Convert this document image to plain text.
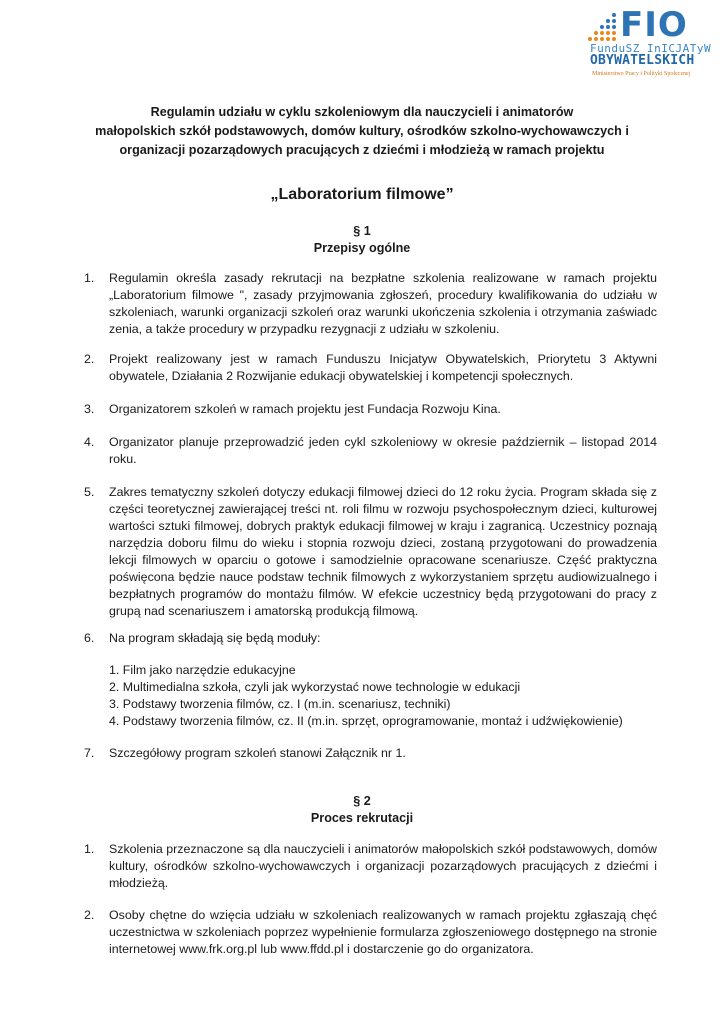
FIO
FunduSZ InICJATyW
OBYWATELSKICH
Ministerstwo Pracy i Polityki Społecznej
Regulamin udziału w cyklu szkoleniowym dla nauczycieli i animatorów
małopolskich szkół podstawowych, domów kultury, ośrodków szkolno-wychowawczych i
organizacji pozarządowych pracujących z dziećmi i młodzieżą w ramach projektu
„Laboratorium filmowe”
§ 1
Przepisy ogólne
1. Regulamin określa zasady rekrutacji na bezpłatne szkolenia realizowane w ramach projektu „Laboratorium filmowe ", zasady przyjmowania zgłoszeń, procedury kwalifikowania do udziału w szkoleniach, warunki organizacji szkoleń oraz warunki ukończenia szkolenia i otrzymania zaświadc zenia, a także procedury w przypadku rezygnacji z udziału w szkoleniu.
2. Projekt realizowany jest w ramach Funduszu Inicjatyw Obywatelskich, Priorytetu 3 Aktywni obywatele, Działania 2 Rozwijanie edukacji obywatelskiej i kompetencji społecznych.
3. Organizatorem szkoleń w ramach projektu jest Fundacja Rozwoju Kina.
4. Organizator planuje przeprowadzić jeden cykl szkoleniowy w okresie październik – listopad 2014 roku.
5. Zakres tematyczny szkoleń dotyczy edukacji filmowej dzieci do 12 roku życia. Program składa się z części teoretycznej zawierającej treści nt. roli filmu w rozwoju psychospołecznym dzieci, kulturowej wartości sztuki filmowej, dobrych praktyk edukacji filmowej w kraju i zagranicą. Uczestnicy poznają narzędzia doboru filmu do wieku i stopnia rozwoju dzieci, zostaną przygotowani do prowadzenia lekcji filmowych w oparciu o gotowe i samodzielnie opracowane scenariusze. Część praktyczna poświęcona będzie nauce podstaw technik filmowych z wykorzystaniem sprzętu audiowizualnego i bezpłatnych programów do montażu filmów. W efekcie uczestnicy będą przygotowani do pracy z grupą nad scenariuszem i amatorską produkcją filmową.
6. Na program składają się będą moduły:
1. Film jako narzędzie edukacyjne
2. Multimedialna szkoła, czyli jak wykorzystać nowe technologie w edukacji
3. Podstawy tworzenia filmów, cz. I (m.in. scenariusz, techniki)
4. Podstawy tworzenia filmów, cz. II (m.in. sprzęt, oprogramowanie, montaż i udźwiękowienie)
7. Szczegółowy program szkoleń stanowi Załącznik nr 1.
§ 2
Proces rekrutacji
1. Szkolenia przeznaczone są dla nauczycieli i animatorów małopolskich szkół podstawowych, domów kultury, ośrodków szkolno-wychowawczych i organizacji pozarządowych pracujących z dziećmi i młodzieżą.
2. Osoby chętne do wzięcia udziału w szkoleniach realizowanych w ramach projektu zgłaszają chęć uczestnictwa w szkoleniach poprzez wypełnienie formularza zgłoszeniowego dostępnego na stronie internetowej www.frk.org.pl lub www.ffdd.pl i dostarczenie go do organizatora.
